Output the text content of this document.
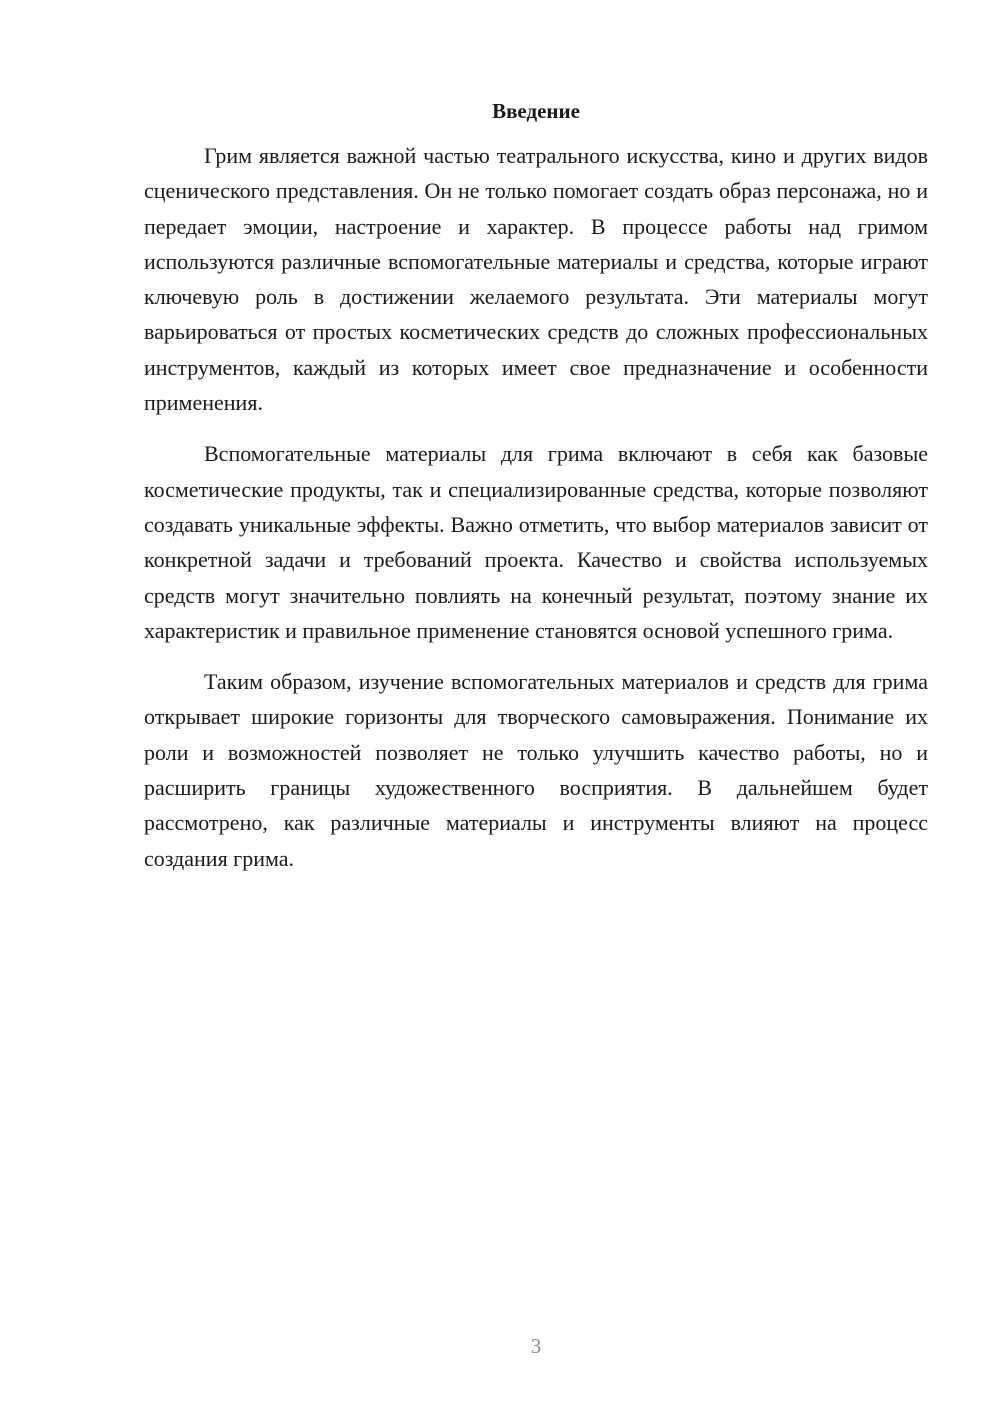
Введение

Грим является важной частью театрального искусства, кино и других видов сценического представления. Он не только помогает создать образ персонажа, но и передает эмоции, настроение и характер. В процессе работы над гримом используются различные вспомогательные материалы и средства, которые играют ключевую роль в достижении желаемого результата. Эти материалы могут варьироваться от простых косметических средств до сложных профессиональных инструментов, каждый из которых имеет свое предназначение и особенности применения.

Вспомогательные материалы для грима включают в себя как базовые косметические продукты, так и специализированные средства, которые позволяют создавать уникальные эффекты. Важно отметить, что выбор материалов зависит от конкретной задачи и требований проекта. Качество и свойства используемых средств могут значительно повлиять на конечный результат, поэтому знание их характеристик и правильное применение становятся основой успешного грима.

Таким образом, изучение вспомогательных материалов и средств для грима открывает широкие горизонты для творческого самовыражения. Понимание их роли и возможностей позволяет не только улучшить качество работы, но и расширить границы художественного восприятия. В дальнейшем будет рассмотрено, как различные материалы и инструменты влияют на процесс создания грима.

3
